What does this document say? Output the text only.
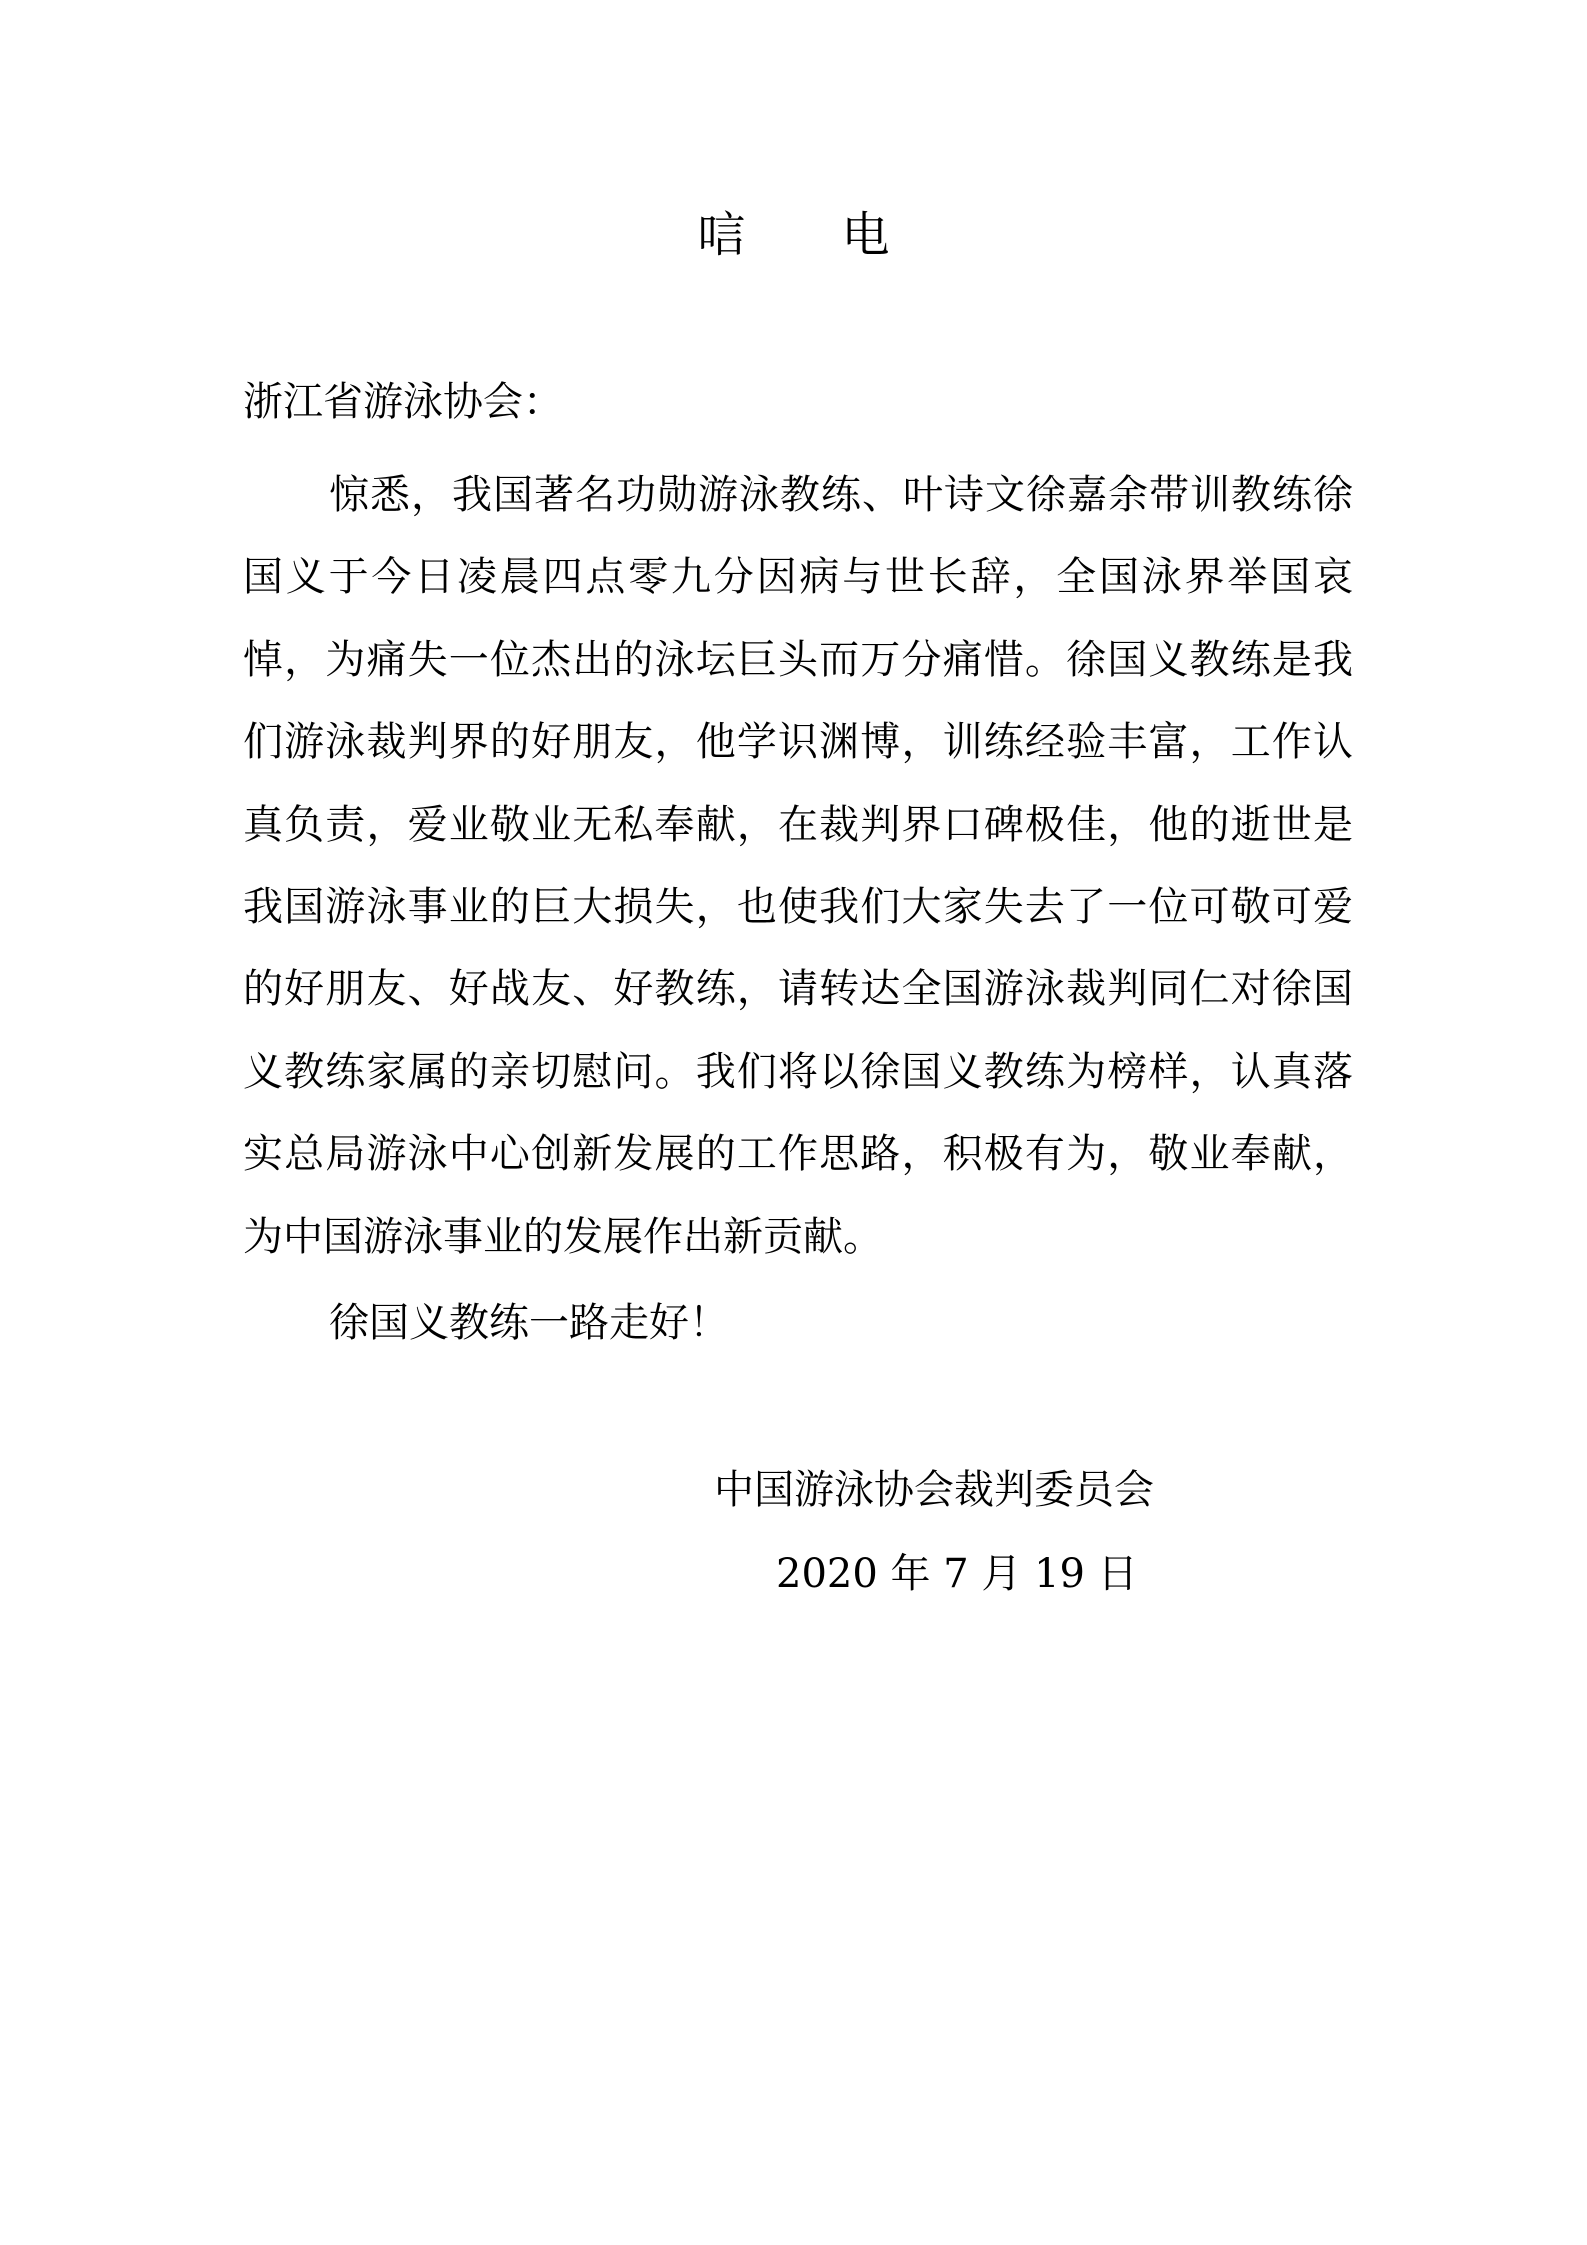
唁 电
浙江省游泳协会：

惊悉，我国著名功勋游泳教练、叶诗文徐嘉余带训教练徐国义于今日凌晨四点零九分因病与世长辞，全国泳界举国哀悼，为痛失一位杰出的泳坛巨头而万分痛惜。徐国义教练是我们游泳裁判界的好朋友，他学识渊博，训练经验丰富，工作认真负责，爱业敬业无私奉献，在裁判界口碑极佳，他的逝世是我国游泳事业的巨大损失，也使我们大家失去了一位可敬可爱的好朋友、好战友、好教练，请转达全国游泳裁判同仁对徐国义教练家属的亲切慰问。我们将以徐国义教练为榜样，认真落实总局游泳中心创新发展的工作思路，积极有为，敬业奉献，为中国游泳事业的发展作出新贡献。

徐国义教练一路走好！
中国游泳协会裁判委员会
2020 年 7 月 19 日
